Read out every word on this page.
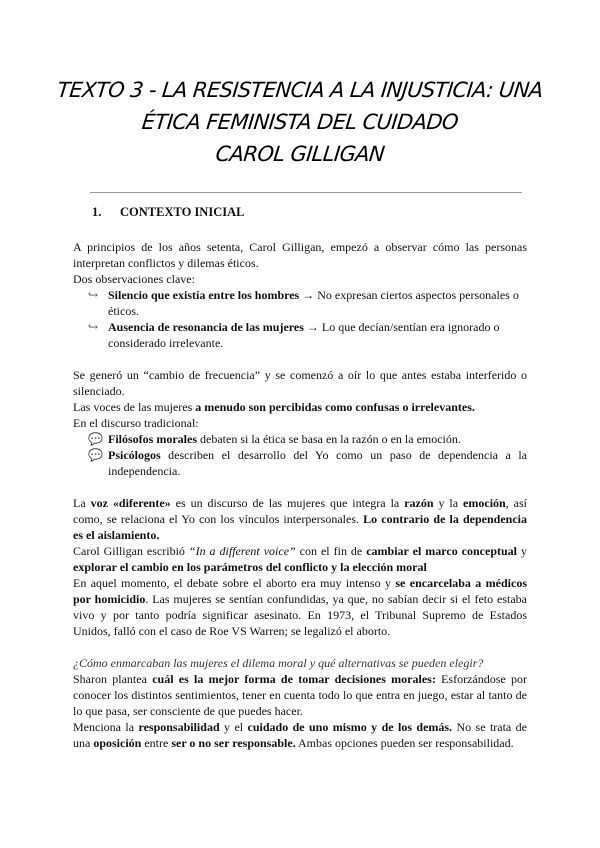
TEXTO 3 - LA RESISTENCIA A LA INJUSTICIA: UNA
ÉTICA FEMINISTA DEL CUIDADO
CAROL GILLIGAN
1. CONTEXTO INICIAL
A principios de los años setenta, Carol Gilligan, empezó a observar cómo las personas
interpretan conflictos y dilemas éticos.
Dos observaciones clave:
↪ Silencio que existía entre los hombres → No expresan ciertos aspectos personales o
éticos.
↪ Ausencia de resonancia de las mujeres → Lo que decían/sentían era ignorado o
considerado irrelevante.
Se generó un “cambio de frecuencia” y se comenzó a oír lo que antes estaba interferido o
silenciado.
Las voces de las mujeres a menudo son percibidas como confusas o irrelevantes.
En el discurso tradicional:
💬 Filósofos morales debaten si la ética se basa en la razón o en la emoción.
💬 Psicólogos describen el desarrollo del Yo como un paso de dependencia a la
independencia.
La voz «diferente» es un discurso de las mujeres que integra la razón y la emoción, así
como, se relaciona el Yo con los vínculos interpersonales. Lo contrario de la dependencia
es el aislamiento.
Carol Gilligan escribió “In a different voice” con el fin de cambiar el marco conceptual y
explorar el cambio en los parámetros del conflicto y la elección moral
En aquel momento, el debate sobre el aborto era muy intenso y se encarcelaba a médicos
por homicidio. Las mujeres se sentían confundidas, ya que, no sabían decir si el feto estaba
vivo y por tanto podría significar asesinato. En 1973, el Tribunal Supremo de Estados
Unidos, falló con el caso de Roe VS Warren; se legalizó el aborto.
¿Cómo enmarcaban las mujeres el dilema moral y qué alternativas se pueden elegir?
Sharon plantea cuál es la mejor forma de tomar decisiones morales: Esforzándose por
conocer los distintos sentimientos, tener en cuenta todo lo que entra en juego, estar al tanto de
lo que pasa, ser consciente de que puedes hacer.
Menciona la responsabilidad y el cuidado de uno mismo y de los demás. No se trata de
una oposición entre ser o no ser responsable. Ambas opciones pueden ser responsabilidad.
